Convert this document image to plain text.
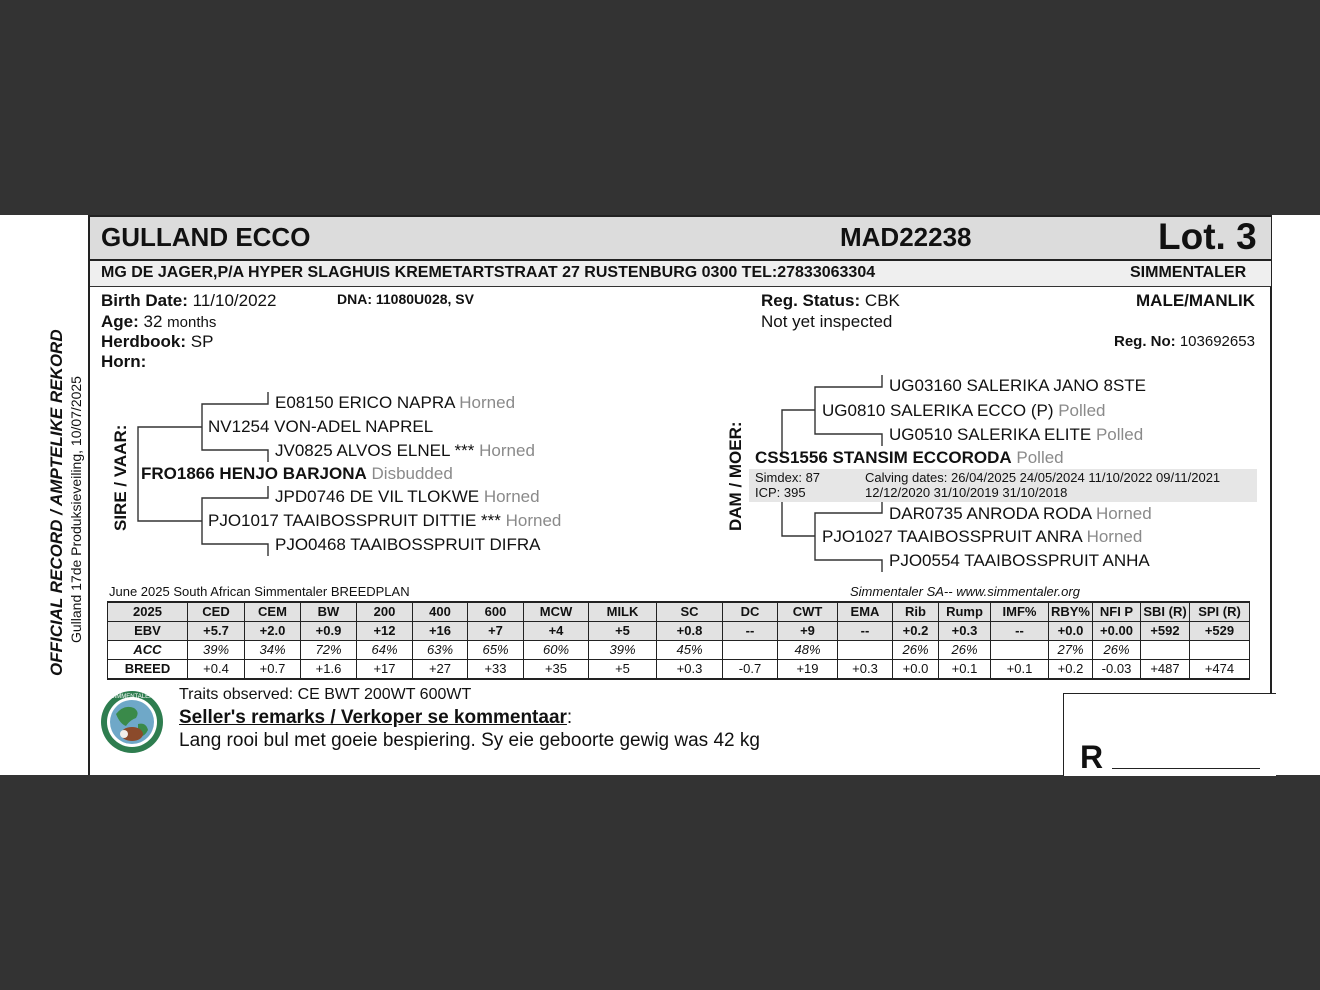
GULLAND ECCO	MAD22238	Lot. 3
MG DE JAGER,P/A HYPER SLAGHUIS KREMETARTSTRAAT 27 RUSTENBURG 0300 TEL:27833063304	SIMMENTALER
Birth Date: 11/10/2022	DNA: 11080U028, SV
Age: 32 months
Herdbook: SP
Horn:
Reg. Status: CBK
Not yet inspected
MALE/MANLIK
Reg. No: 103692653
OFFICIAL RECORD / AMPTELIKE REKORD Gulland 17de Produksieveiling, 10/07/2025 SIRE / VAAR:
E08150 ERICO NAPRA Horned
NV1254 VON-ADEL NAPREL
JV0825 ALVOS ELNEL *** Horned
FRO1866 HENJO BARJONA Disbudded
JPD0746 DE VIL TLOKWE Horned
PJO1017 TAAIBOSSPRUIT DITTIE *** Horned
PJO0468 TAAIBOSSPRUIT DIFRA
DAM / MOER:
UG03160 SALERIKA JANO 8STE
UG0810 SALERIKA ECCO (P) Polled
UG0510 SALERIKA ELITE Polled
CSS1556 STANSIM ECCORODA Polled
Simdex: 87
ICP: 395
Calving dates: 26/04/2025 24/05/2024 11/10/2022 09/11/2021
12/12/2020 31/10/2019 31/10/2018
DAR0735 ANRODA RODA Horned
PJO1027 TAAIBOSSPRUIT ANRA Horned
PJO0554 TAAIBOSSPRUIT ANHA
June 2025 South African Simmentaler BREEDPLAN	Simmentaler SA-- www.simmentaler.org
2025	CED	CEM	BW	200	400	600	MCW	MILK	SC	DC	CWT	EMA	Rib	Rump	IMF%	RBY%	NFI P	SBI (R)	SPI (R)
EBV	+5.7	+2.0	+0.9	+12	+16	+7	+4	+5	+0.8	--	+9	--	+0.2	+0.3	--	+0.0	+0.00	+592	+529
ACC	39%	34%	72%	64%	63%	65%	60%	39%	45%		48%		26%	26%		27%	26%		
BREED	+0.4	+0.7	+1.6	+17	+27	+33	+35	+5	+0.3	-0.7	+19	+0.3	+0.0	+0.1	+0.1	+0.2	-0.03	+487	+474
SIMMENTALER Traits observed: CE BWT 200WT 600WT
Seller's remarks / Verkoper se kommentaar:
Lang rooi bul met goeie bespiering. Sy eie geboorte gewig was 42 kg	R
